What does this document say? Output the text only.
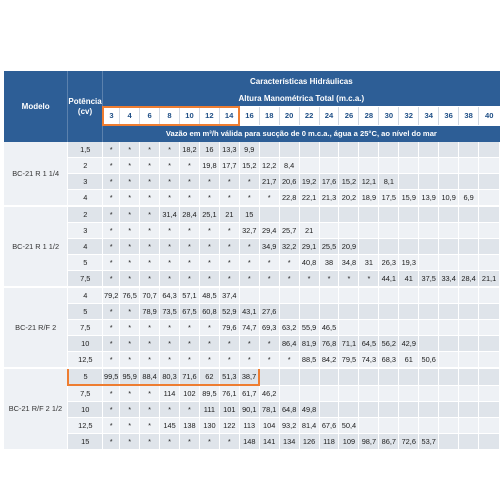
Modelo	Potência
(cv)	Características Hidráulicas																			
		Altura Manométrica Total (m.c.a.)																			
		3	4	6	8	10	12	14	16	18	20	22	24	26	28	30	32	34	36	38	40
		Vazão em m³/h válida para sucção de 0 m.c.a., água a 25°C, ao nível do mar																			
BC-21 R 1 1/4	1,5	*	*	*	*	18,2	16	13,3	9,9												
	2	*	*	*	*	*	19,8	17,7	15,2	12,2	8,4										
	3	*	*	*	*	*	*	*	*	21,7	20,6	19,2	17,6	15,2	12,1	8,1					
	4	*	*	*	*	*	*	*	*	*	22,8	22,1	21,3	20,2	18,9	17,5	15,9	13,9	10,9	6,9	
BC-21 R 1 1/2	2	*	*	*	31,4	28,4	25,1	21	15												
	3	*	*	*	*	*	*	*	32,7	29,4	25,7	21									
	4	*	*	*	*	*	*	*	*	34,9	32,2	29,1	25,5	20,9							
	5	*	*	*	*	*	*	*	*	*	*	40,8	38	34,8	31	26,3	19,3				
	7,5	*	*	*	*	*	*	*	*	*	*	*	*	*	*	44,1	41	37,5	33,4	28,4	21,1
BC-21 R/F 2	4	79,2	76,5	70,7	64,3	57,1	48,5	37,4													
	5	*	*	78,9	73,5	67,5	60,8	52,9	43,1	27,6											
	7,5	*	*	*	*	*	*	79,6	74,7	69,3	63,2	55,9	46,5								
	10	*	*	*	*	*	*	*	*	*	86,4	81,9	76,8	71,1	64,5	56,2	42,9				
	12,5	*	*	*	*	*	*	*	*	*	*	88,5	84,2	79,5	74,3	68,3	61	50,6			
BC-21 R/F 2 1/2	5	99,5	95,9	88,4	80,3	71,6	62	51,3	38,7												
	7,5	*	*	*	114	102	89,5	76,1	61,7	46,2											
	10	*	*	*	*	*	111	101	90,1	78,1	64,8	49,8									
	12,5	*	*	*	145	138	130	122	113	104	93,2	81,4	67,6	50,4							
	15	*	*	*	*	*	*	*	148	141	134	126	118	109	98,7	86,7	72,6	53,7			
